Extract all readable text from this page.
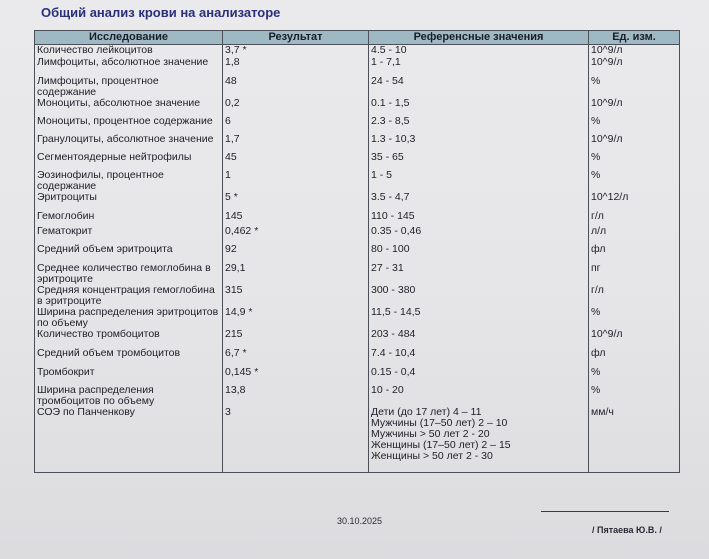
Общий анализ крови на анализаторе
Исследование	Результат	Референсные значения	Ед. изм.
Количество лейкоцитов	3,7 *	4.5 - 10	10^9/л
Лимфоциты, абсолютное значение	1,8	1 - 7,1	10^9/л
Лимфоциты, процентное содержание	48	24 - 54	%
Моноциты, абсолютное значение	0,2	0.1 - 1,5	10^9/л
Моноциты, процентное содержание	6	2.3 - 8,5	%
Гранулоциты, абсолютное значение	1,7	1.3 - 10,3	10^9/л
Сегментоядерные нейтрофилы	45	35 - 65	%
Эозинофилы, процентное содержание	1	1 - 5	%
Эритроциты	5 *	3.5 - 4,7	10^12/л
Гемоглобин	145	110 - 145	г/л
Гематокрит	0,462 *	0.35 - 0,46	л/л
Средний объем эритроцита	92	80 - 100	фл
Среднее количество гемоглобина в эритроците	29,1	27 - 31	пг
Средняя концентрация гемоглобина в эритроците	315	300 - 380	г/л
Ширина распределения эритроцитов по объему	14,9 *	11,5 - 14,5	%
Количество тромбоцитов	215	203 - 484	10^9/л
Средний объем тромбоцитов	6,7 *	7.4 - 10,4	фл
Тромбокрит	0,145 *	0.15 - 0,4	%
Ширина распределения тромбоцитов по объему	13,8	10 - 20	%
СОЭ по Панченкову	3	Дети (до 17 лет) 4 – 11
Мужчины (17–50 лет) 2 – 10
Мужчины > 50 лет 2 - 20
Женщины (17–50 лет) 2 – 15
Женщины > 50 лет 2 - 30	мм/ч
30.10.2025
/ Пятаева Ю.В. /
